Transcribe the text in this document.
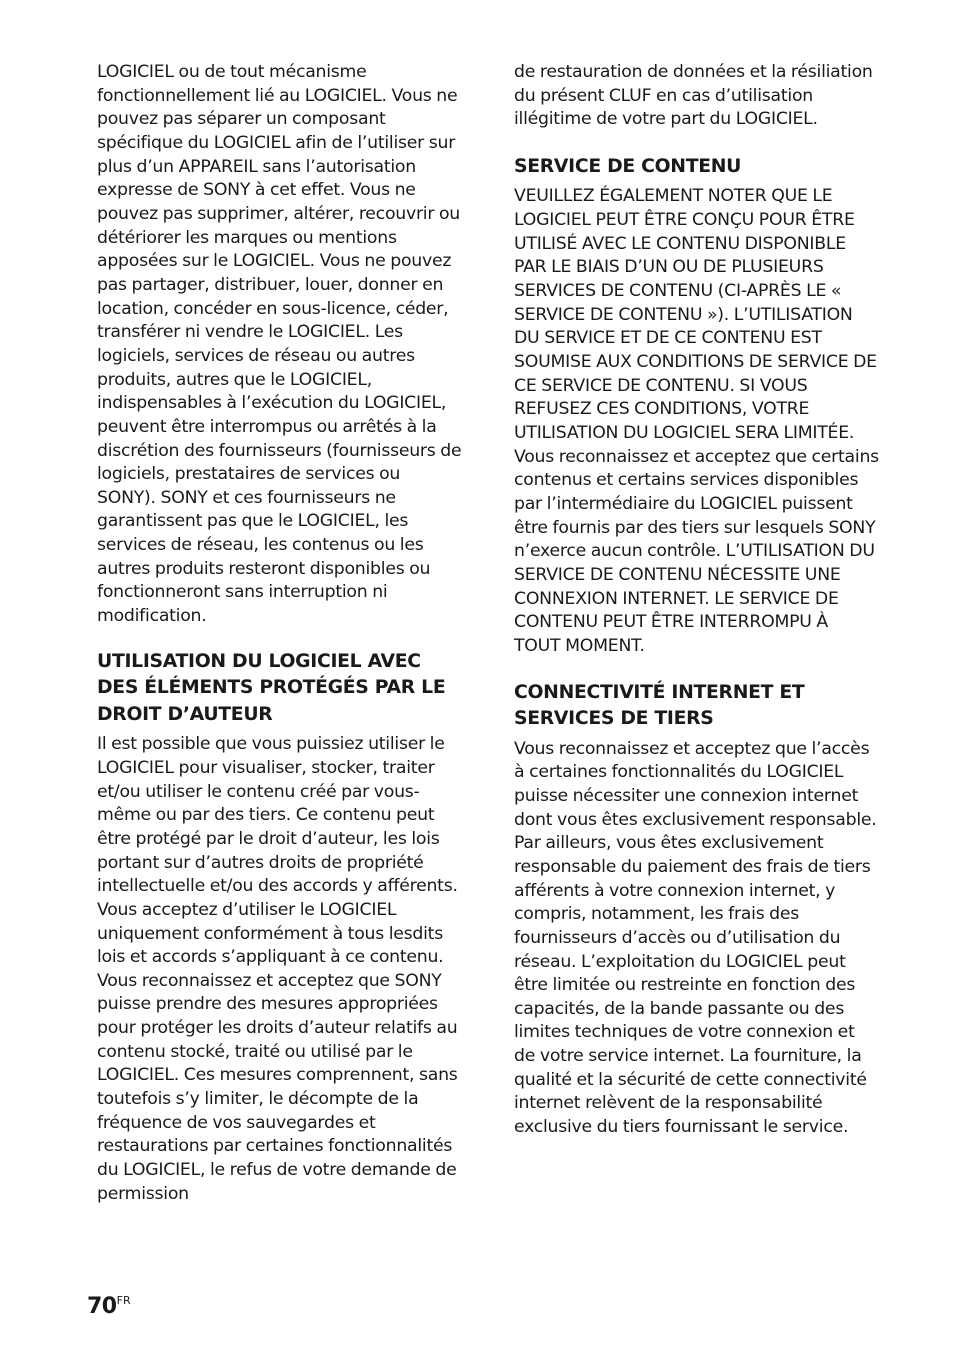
LOGICIEL ou de tout mécanisme fonctionnellement lié au LOGICIEL. Vous ne pouvez pas séparer un composant spécifique du LOGICIEL afin de l’utiliser sur plus d’un APPAREIL sans l’autorisation expresse de SONY à cet effet. Vous ne pouvez pas supprimer, altérer, recouvrir ou détériorer les marques ou mentions apposées sur le LOGICIEL. Vous ne pouvez pas partager, distribuer, louer, donner en location, concéder en sous-licence, céder, transférer ni vendre le LOGICIEL. Les logiciels, services de réseau ou autres produits, autres que le LOGICIEL, indispensables à l’exécution du LOGICIEL, peuvent être interrompus ou arrêtés à la discrétion des fournisseurs (fournisseurs de logiciels, prestataires de services ou SONY). SONY et ces fournisseurs ne garantissent pas que le LOGICIEL, les services de réseau, les contenus ou les autres produits resteront disponibles ou fonctionneront sans interruption ni modification.

UTILISATION DU LOGICIEL AVEC DES ÉLÉMENTS PROTÉGÉS PAR LE DROIT D’AUTEUR

Il est possible que vous puissiez utiliser le LOGICIEL pour visualiser, stocker, traiter et/ou utiliser le contenu créé par vous-même ou par des tiers. Ce contenu peut être protégé par le droit d’auteur, les lois portant sur d’autres droits de propriété intellectuelle et/ou des accords y afférents. Vous acceptez d’utiliser le LOGICIEL uniquement conformément à tous lesdits lois et accords s’appliquant à ce contenu. Vous reconnaissez et acceptez que SONY puisse prendre des mesures appropriées pour protéger les droits d’auteur relatifs au contenu stocké, traité ou utilisé par le LOGICIEL. Ces mesures comprennent, sans toutefois s’y limiter, le décompte de la fréquence de vos sauvegardes et restaurations par certaines fonctionnalités du LOGICIEL, le refus de votre demande de permission

de restauration de données et la résiliation du présent CLUF en cas d’utilisation illégitime de votre part du LOGICIEL.

SERVICE DE CONTENU

VEUILLEZ ÉGALEMENT NOTER QUE LE LOGICIEL PEUT ÊTRE CONÇU POUR ÊTRE UTILISÉ AVEC LE CONTENU DISPONIBLE PAR LE BIAIS D’UN OU DE PLUSIEURS SERVICES DE CONTENU (CI-APRÈS LE « SERVICE DE CONTENU »). L’UTILISATION DU SERVICE ET DE CE CONTENU EST SOUMISE AUX CONDITIONS DE SERVICE DE CE SERVICE DE CONTENU. SI VOUS REFUSEZ CES CONDITIONS, VOTRE UTILISATION DU LOGICIEL SERA LIMITÉE. Vous reconnaissez et acceptez que certains contenus et certains services disponibles par l’intermédiaire du LOGICIEL puissent être fournis par des tiers sur lesquels SONY n’exerce aucun contrôle. L’UTILISATION DU SERVICE DE CONTENU NÉCESSITE UNE CONNEXION INTERNET. LE SERVICE DE CONTENU PEUT ÊTRE INTERROMPU À TOUT MOMENT.

CONNECTIVITÉ INTERNET ET SERVICES DE TIERS

Vous reconnaissez et acceptez que l’accès à certaines fonctionnalités du LOGICIEL puisse nécessiter une connexion internet dont vous êtes exclusivement responsable. Par ailleurs, vous êtes exclusivement responsable du paiement des frais de tiers afférents à votre connexion internet, y compris, notamment, les frais des fournisseurs d’accès ou d’utilisation du réseau. L’exploitation du LOGICIEL peut être limitée ou restreinte en fonction des capacités, de la bande passante ou des limites techniques de votre connexion et de votre service internet. La fourniture, la qualité et la sécurité de cette connectivité internet relèvent de la responsabilité exclusive du tiers fournissant le service.

$70^{FR}$
